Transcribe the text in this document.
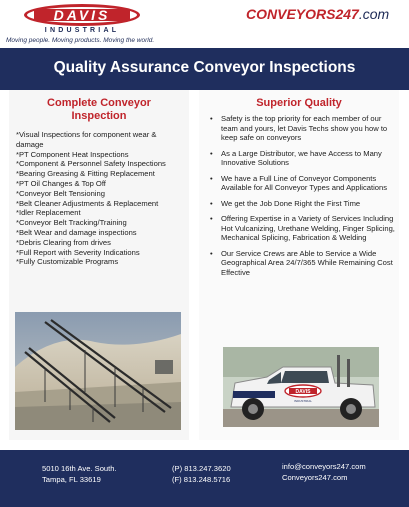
DAVIS
INDUSTRIAL
Moving people. Moving products. Moving the world.
CONVEYORS247.com
Quality Assurance Conveyor Inspections
Complete Conveyor
Inspection
*Visual Inspections for component wear &
damage
*PT Component Heat Inspections
*Component & Personnel Safety Inspections
*Bearing Greasing & Fitting Replacement
*PT Oil Changes & Top Off
*Conveyor Belt Tensioning
*Belt Cleaner Adjustments & Replacement
*Idler Replacement
*Conveyor Belt Tracking/Training
*Belt Wear and damage inspections
*Debris Clearing from drives
*Full Report with Severity Indications
*Fully Customizable Programs
Superior Quality
• Safety is the top priority for each member of our team and yours, let Davis Techs show you how to keep safe on conveyors
• As a Large Distributor, we have Access to Many Innovative Solutions
• We have a Full Line of Conveyor Components Available for All Conveyor Types and Applications
• We get the Job Done Right the First Time
• Offering Expertise in a Variety of Services Including Hot Vulcanizing, Urethane Welding, Finger Splicing, Mechanical Splicing, Fabrication & Welding
• Our Service Crews are Able to Service a Wide Geographical Area 24/7/365 While Remaining Cost Effective
DAVIS
INDUSTRIAL
5010 16th Ave. South.
Tampa, FL 33619
(P) 813.247.3620
(F) 813.248.5716
info@conveyors247.com
Conveyors247.com
